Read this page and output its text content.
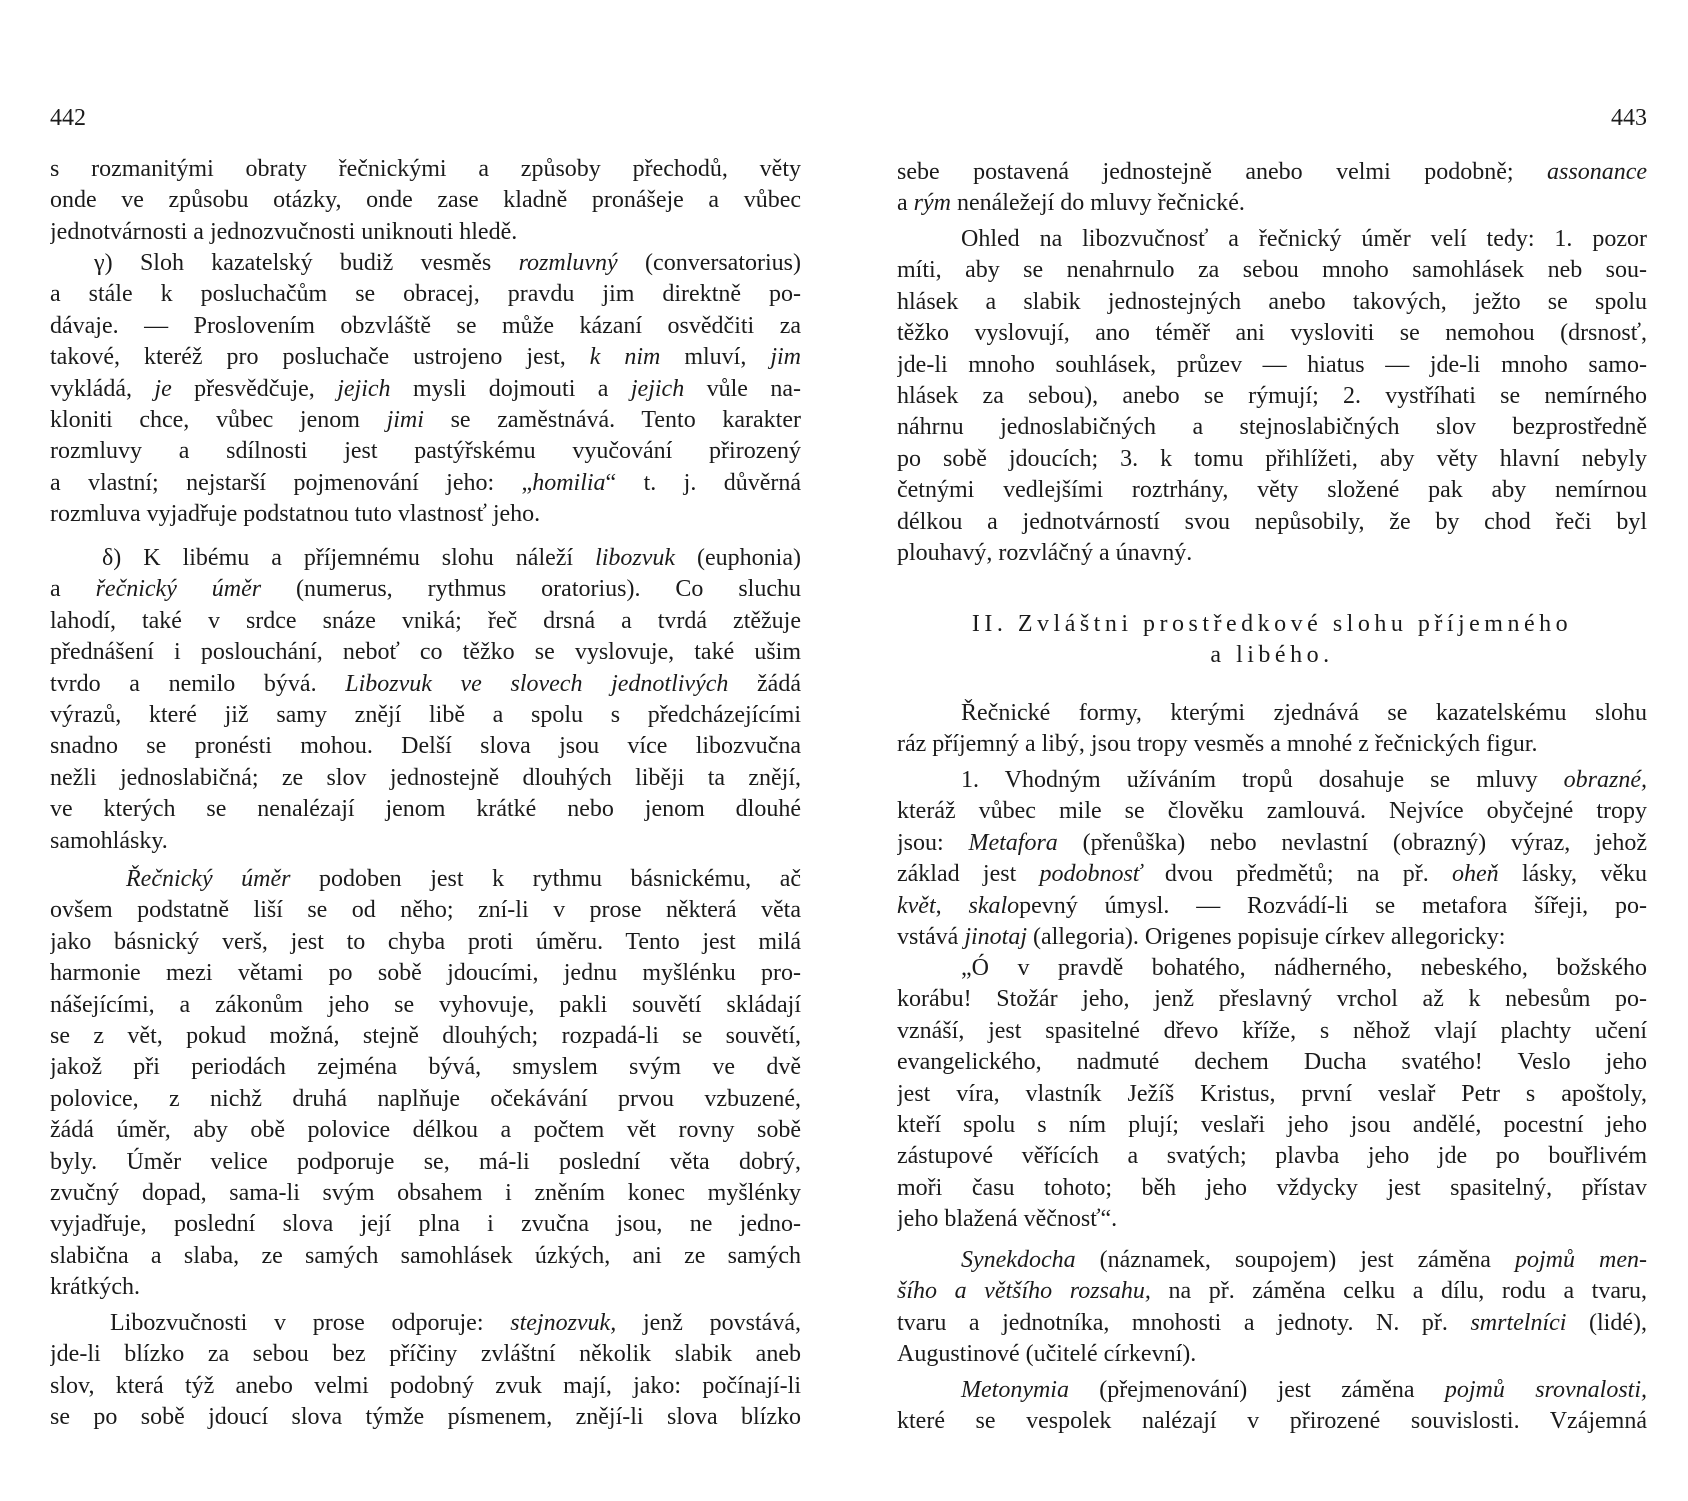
442	443
s rozmanitými obraty řečnickými a způsoby přechodů, věty
onde ve způsobu otázky, onde zase kladně pronášeje a vůbec
jednotvárnosti a jednozvučnosti uniknouti hledě.
γ) Sloh kazatelský budiž vesměs rozmluvný (conversatorius)
a stále k posluchačům se obracej, pravdu jim direktně po-
dávaje. — Proslovením obzvláště se může kázaní osvědčiti za
takové, kteréž pro posluchače ustrojeno jest, k nim mluví, jim
vykládá, je přesvědčuje, jejich mysli dojmouti a jejich vůle na-
kloniti chce, vůbec jenom jimi se zaměstnává. Tento karakter
rozmluvy a sdílnosti jest pastýřskému vyučování přirozený
a vlastní; nejstarší pojmenování jeho: „homilia“ t. j. důvěrná
rozmluva vyjadřuje podstatnou tuto vlastnosť jeho.
δ) K libému a příjemnému slohu náleží libozvuk (euphonia)
a řečnický úměr (numerus, rythmus oratorius). Co sluchu
lahodí, také v srdce snáze vniká; řeč drsná a tvrdá ztěžuje
přednášení i poslouchání, neboť co těžko se vyslovuje, také ušim
tvrdo a nemilo bývá. Libozvuk ve slovech jednotlivých žádá
výrazů, které již samy znějí libě a spolu s předcházejícími
snadno se pronésti mohou. Delší slova jsou více libozvučna
nežli jednoslabičná; ze slov jednostejně dlouhých liběji ta znějí,
ve kterých se nenalézají jenom krátké nebo jenom dlouhé
samohlásky.
Řečnický úměr podoben jest k rythmu básnickému, ač
ovšem podstatně liší se od něho; zní-li v prose některá věta
jako básnický verš, jest to chyba proti úměru. Tento jest milá
harmonie mezi větami po sobě jdoucími, jednu myšlénku pro-
nášejícími, a zákonům jeho se vyhovuje, pakli souvětí skládají
se z vět, pokud možná, stejně dlouhých; rozpadá-li se souvětí,
jakož při periodách zejména bývá, smyslem svým ve dvě
polovice, z nichž druhá naplňuje očekávání prvou vzbuzené,
žádá úměr, aby obě polovice délkou a počtem vět rovny sobě
byly. Úměr velice podporuje se, má-li poslední věta dobrý,
zvučný dopad, sama-li svým obsahem i zněním konec myšlénky
vyjadřuje, poslední slova její plna i zvučna jsou, ne jedno-
slabična a slaba, ze samých samohlásek úzkých, ani ze samých
krátkých.
Libozvučnosti v prose odporuje: stejnozvuk, jenž povstává,
jde-li blízko za sebou bez příčiny zvláštní několik slabik aneb
slov, která týž anebo velmi podobný zvuk mají, jako: počínají-li
se po sobě jdoucí slova týmže písmenem, znějí-li slova blízko
II. Zvláštni prostředkové slohu příjemného
a libého.
sebe postavená jednostejně anebo velmi podobně; assonance
a rým nenáležejí do mluvy řečnické.
Ohled na libozvučnosť a řečnický úměr velí tedy: 1. pozor
míti, aby se nenahrnulo za sebou mnoho samohlásek neb sou-
hlásek a slabik jednostejných anebo takových, ježto se spolu
těžko vyslovují, ano téměř ani vysloviti se nemohou (drsnosť,
jde-li mnoho souhlásek, průzev — hiatus — jde-li mnoho samo-
hlásek za sebou), anebo se rýmují; 2. vystříhati se nemírného
náhrnu jednoslabičných a stejnoslabičných slov bezprostředně
po sobě jdoucích; 3. k tomu přihlížeti, aby věty hlavní nebyly
četnými vedlejšími roztrhány, věty složené pak aby nemírnou
délkou a jednotvárností svou nepůsobily, že by chod řeči byl
plouhavý, rozvláčný a únavný.
Řečnické formy, kterými zjednává se kazatelskému slohu
ráz příjemný a libý, jsou tropy vesměs a mnohé z řečnických figur.
1. Vhodným užíváním tropů dosahuje se mluvy obrazné,
kteráž vůbec mile se člověku zamlouvá. Nejvíce obyčejné tropy
jsou: Metafora (přenůška) nebo nevlastní (obrazný) výraz, jehož
základ jest podobnosť dvou předmětů; na př. oheň lásky, věku
květ, skalopevný úmysl. — Rozvádí-li se metafora šířeji, po-
vstává jinotaj (allegoria). Origenes popisuje církev allegoricky:
„Ó v pravdě bohatého, nádherného, nebeského, božského
korábu! Stožár jeho, jenž přeslavný vrchol až k nebesům po-
vznáší, jest spasitelné dřevo kříže, s něhož vlají plachty učení
evangelického, nadmuté dechem Ducha svatého! Veslo jeho
jest víra, vlastník Ježíš Kristus, první veslař Petr s apoštoly,
kteří spolu s ním plují; veslaři jeho jsou andělé, pocestní jeho
zástupové věřících a svatých; plavba jeho jde po bouřlivém
moři času tohoto; běh jeho vždycky jest spasitelný, přístav
jeho blažená věčnosť“.
Synekdocha (náznamek, soupojem) jest záměna pojmů men-
šího a většího rozsahu, na př. záměna celku a dílu, rodu a tvaru,
tvaru a jednotníka, mnohosti a jednoty. N. př. smrtelníci (lidé),
Augustinové (učitelé církevní).
Metonymia (přejmenování) jest záměna pojmů srovnalosti,
které se vespolek nalézají v přirozené souvislosti. Vzájemná
